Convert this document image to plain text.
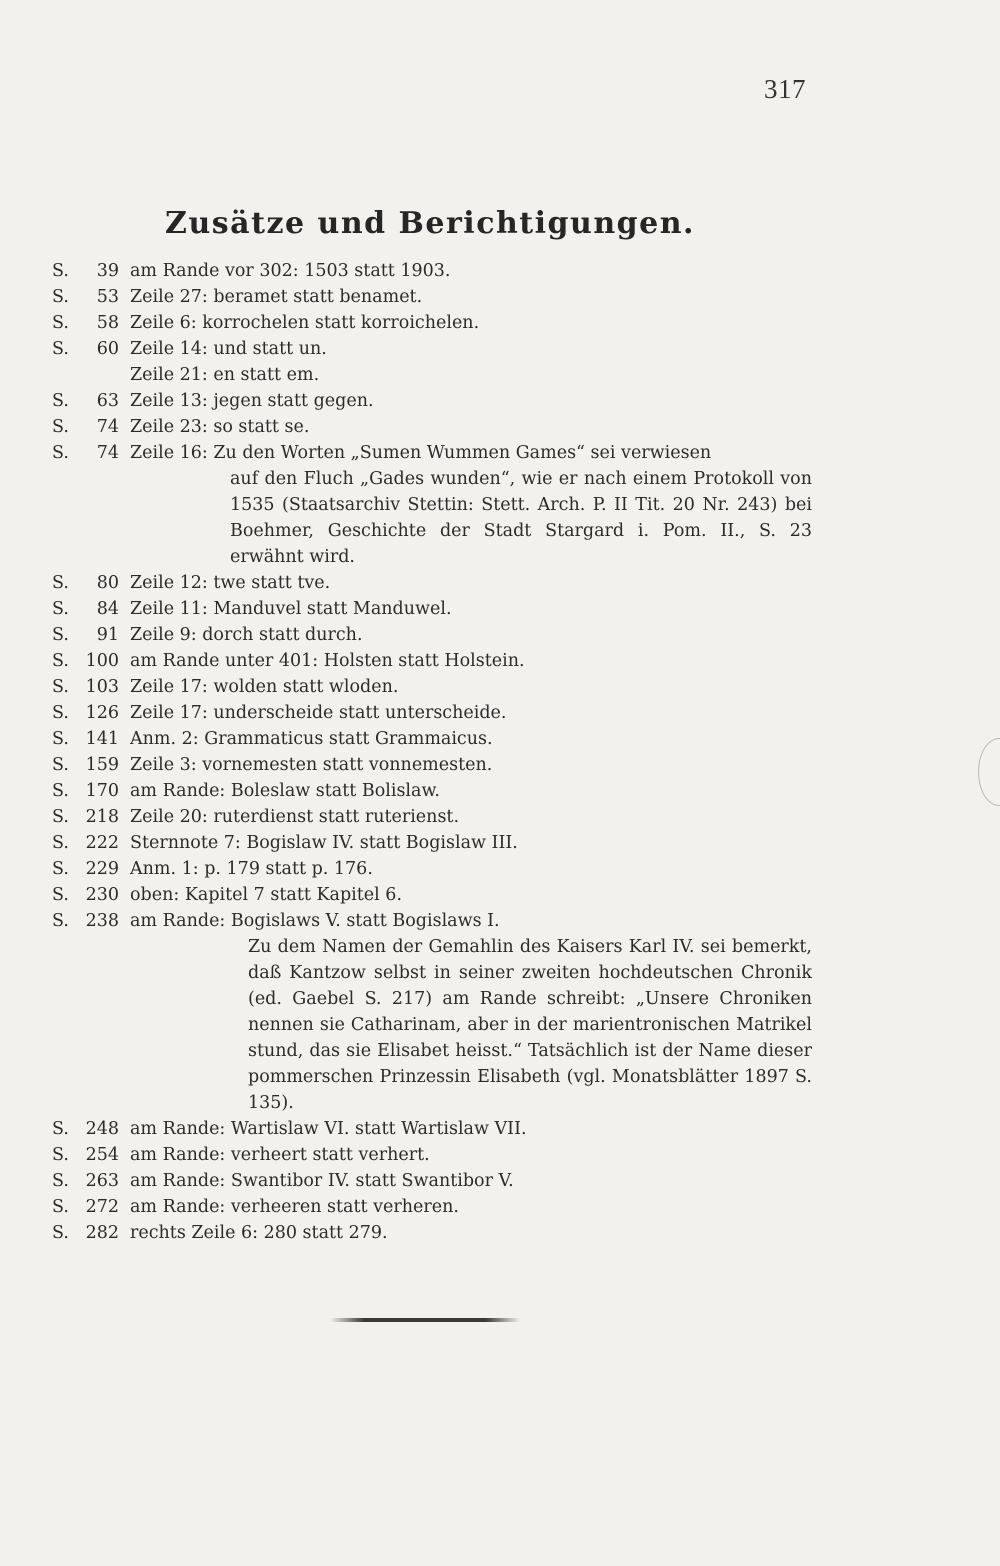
317
Zusätze und Berichtigungen.
S. 39 am Rande vor 302: 1503 statt 1903.
S. 53 Zeile 27: beramet statt benamet.
S. 58 Zeile 6: korrochelen statt korroichelen.
S. 60 Zeile 14: und statt un.
Zeile 21: en statt em.
S. 63 Zeile 13: jegen statt gegen.
S. 74 Zeile 23: so statt se.
S. 74 Zeile 16: Zu den Worten „Sumen Wummen Games“ sei verwiesen
auf den Fluch „Gades wunden“, wie er nach einem Protokoll von 1535 (Staatsarchiv Stettin: Stett. Arch. P. II Tit. 20 Nr. 243) bei Boehmer, Geschichte der Stadt Stargard i. Pom. II., S. 23 erwähnt wird.
S. 80 Zeile 12: twe statt tve.
S. 84 Zeile 11: Manduvel statt Manduwel.
S. 91 Zeile 9: dorch statt durch.
S. 100 am Rande unter 401: Holsten statt Holstein.
S. 103 Zeile 17: wolden statt wloden.
S. 126 Zeile 17: underscheide statt unterscheide.
S. 141 Anm. 2: Grammaticus statt Grammaicus.
S. 159 Zeile 3: vornemesten statt vonnemesten.
S. 170 am Rande: Boleslaw statt Bolislaw.
S. 218 Zeile 20: ruterdienst statt ruterienst.
S. 222 Sternnote 7: Bogislaw IV. statt Bogislaw III.
S. 229 Anm. 1: p. 179 statt p. 176.
S. 230 oben: Kapitel 7 statt Kapitel 6.
S. 238 am Rande: Bogislaws V. statt Bogislaws I.
Zu dem Namen der Gemahlin des Kaisers Karl IV. sei bemerkt, daß Kantzow selbst in seiner zweiten hochdeutschen Chronik (ed. Gaebel S. 217) am Rande schreibt: „Unsere Chroniken nennen sie Catharinam, aber in der marientronischen Matrikel stund, das sie Elisabet heisst.“ Tatsächlich ist der Name dieser pommerschen Prinzessin Elisabeth (vgl. Monatsblätter 1897 S. 135).
S. 248 am Rande: Wartislaw VI. statt Wartislaw VII.
S. 254 am Rande: verheert statt verhert.
S. 263 am Rande: Swantibor IV. statt Swantibor V.
S. 272 am Rande: verheeren statt verheren.
S. 282 rechts Zeile 6: 280 statt 279.
